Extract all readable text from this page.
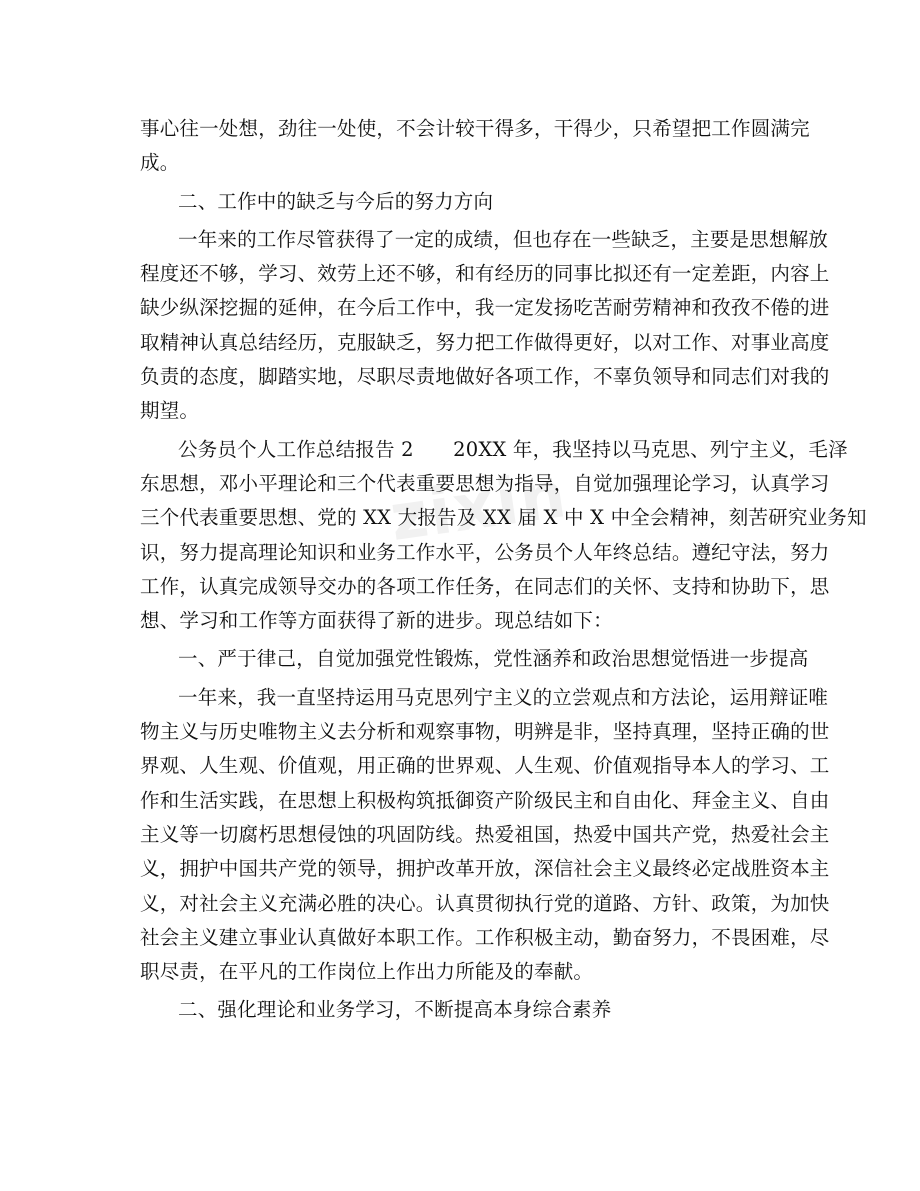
zixin
事心往一处想，劲往一处使，不会计较干得多，干得少，只希望把工作圆满完
成。
二、工作中的缺乏与今后的努力方向
一年来的工作尽管获得了一定的成绩，但也存在一些缺乏，主要是思想解放
程度还不够，学习、效劳上还不够，和有经历的同事比拟还有一定差距，内容上
缺少纵深挖掘的延伸，在今后工作中，我一定发扬吃苦耐劳精神和孜孜不倦的进
取精神认真总结经历，克服缺乏，努力把工作做得更好，以对工作、对事业高度
负责的态度，脚踏实地，尽职尽责地做好各项工作，不辜负领导和同志们对我的
期望。
公务员个人工作总结报告 2　　20XX 年，我坚持以马克思、列宁主义，毛泽
东思想，邓小平理论和三个代表重要思想为指导，自觉加强理论学习，认真学习
三个代表重要思想、党的 XX 大报告及 XX 届 X 中 X 中全会精神，刻苦研究业务知
识，努力提高理论知识和业务工作水平，公务员个人年终总结。遵纪守法，努力
工作，认真完成领导交办的各项工作任务，在同志们的关怀、支持和协助下，思
想、学习和工作等方面获得了新的进步。现总结如下：
一、严于律己，自觉加强党性锻炼，党性涵养和政治思想觉悟进一步提高
一年来，我一直坚持运用马克思列宁主义的立尝观点和方法论，运用辩证唯
物主义与历史唯物主义去分析和观察事物，明辨是非，坚持真理，坚持正确的世
界观、人生观、价值观，用正确的世界观、人生观、价值观指导本人的学习、工
作和生活实践，在思想上积极构筑抵御资产阶级民主和自由化、拜金主义、自由
主义等一切腐朽思想侵蚀的巩固防线。热爱祖国，热爱中国共产党，热爱社会主
义，拥护中国共产党的领导，拥护改革开放，深信社会主义最终必定战胜资本主
义，对社会主义充满必胜的决心。认真贯彻执行党的道路、方针、政策，为加快
社会主义建立事业认真做好本职工作。工作积极主动，勤奋努力，不畏困难，尽
职尽责，在平凡的工作岗位上作出力所能及的奉献。
二、强化理论和业务学习，不断提高本身综合素养
